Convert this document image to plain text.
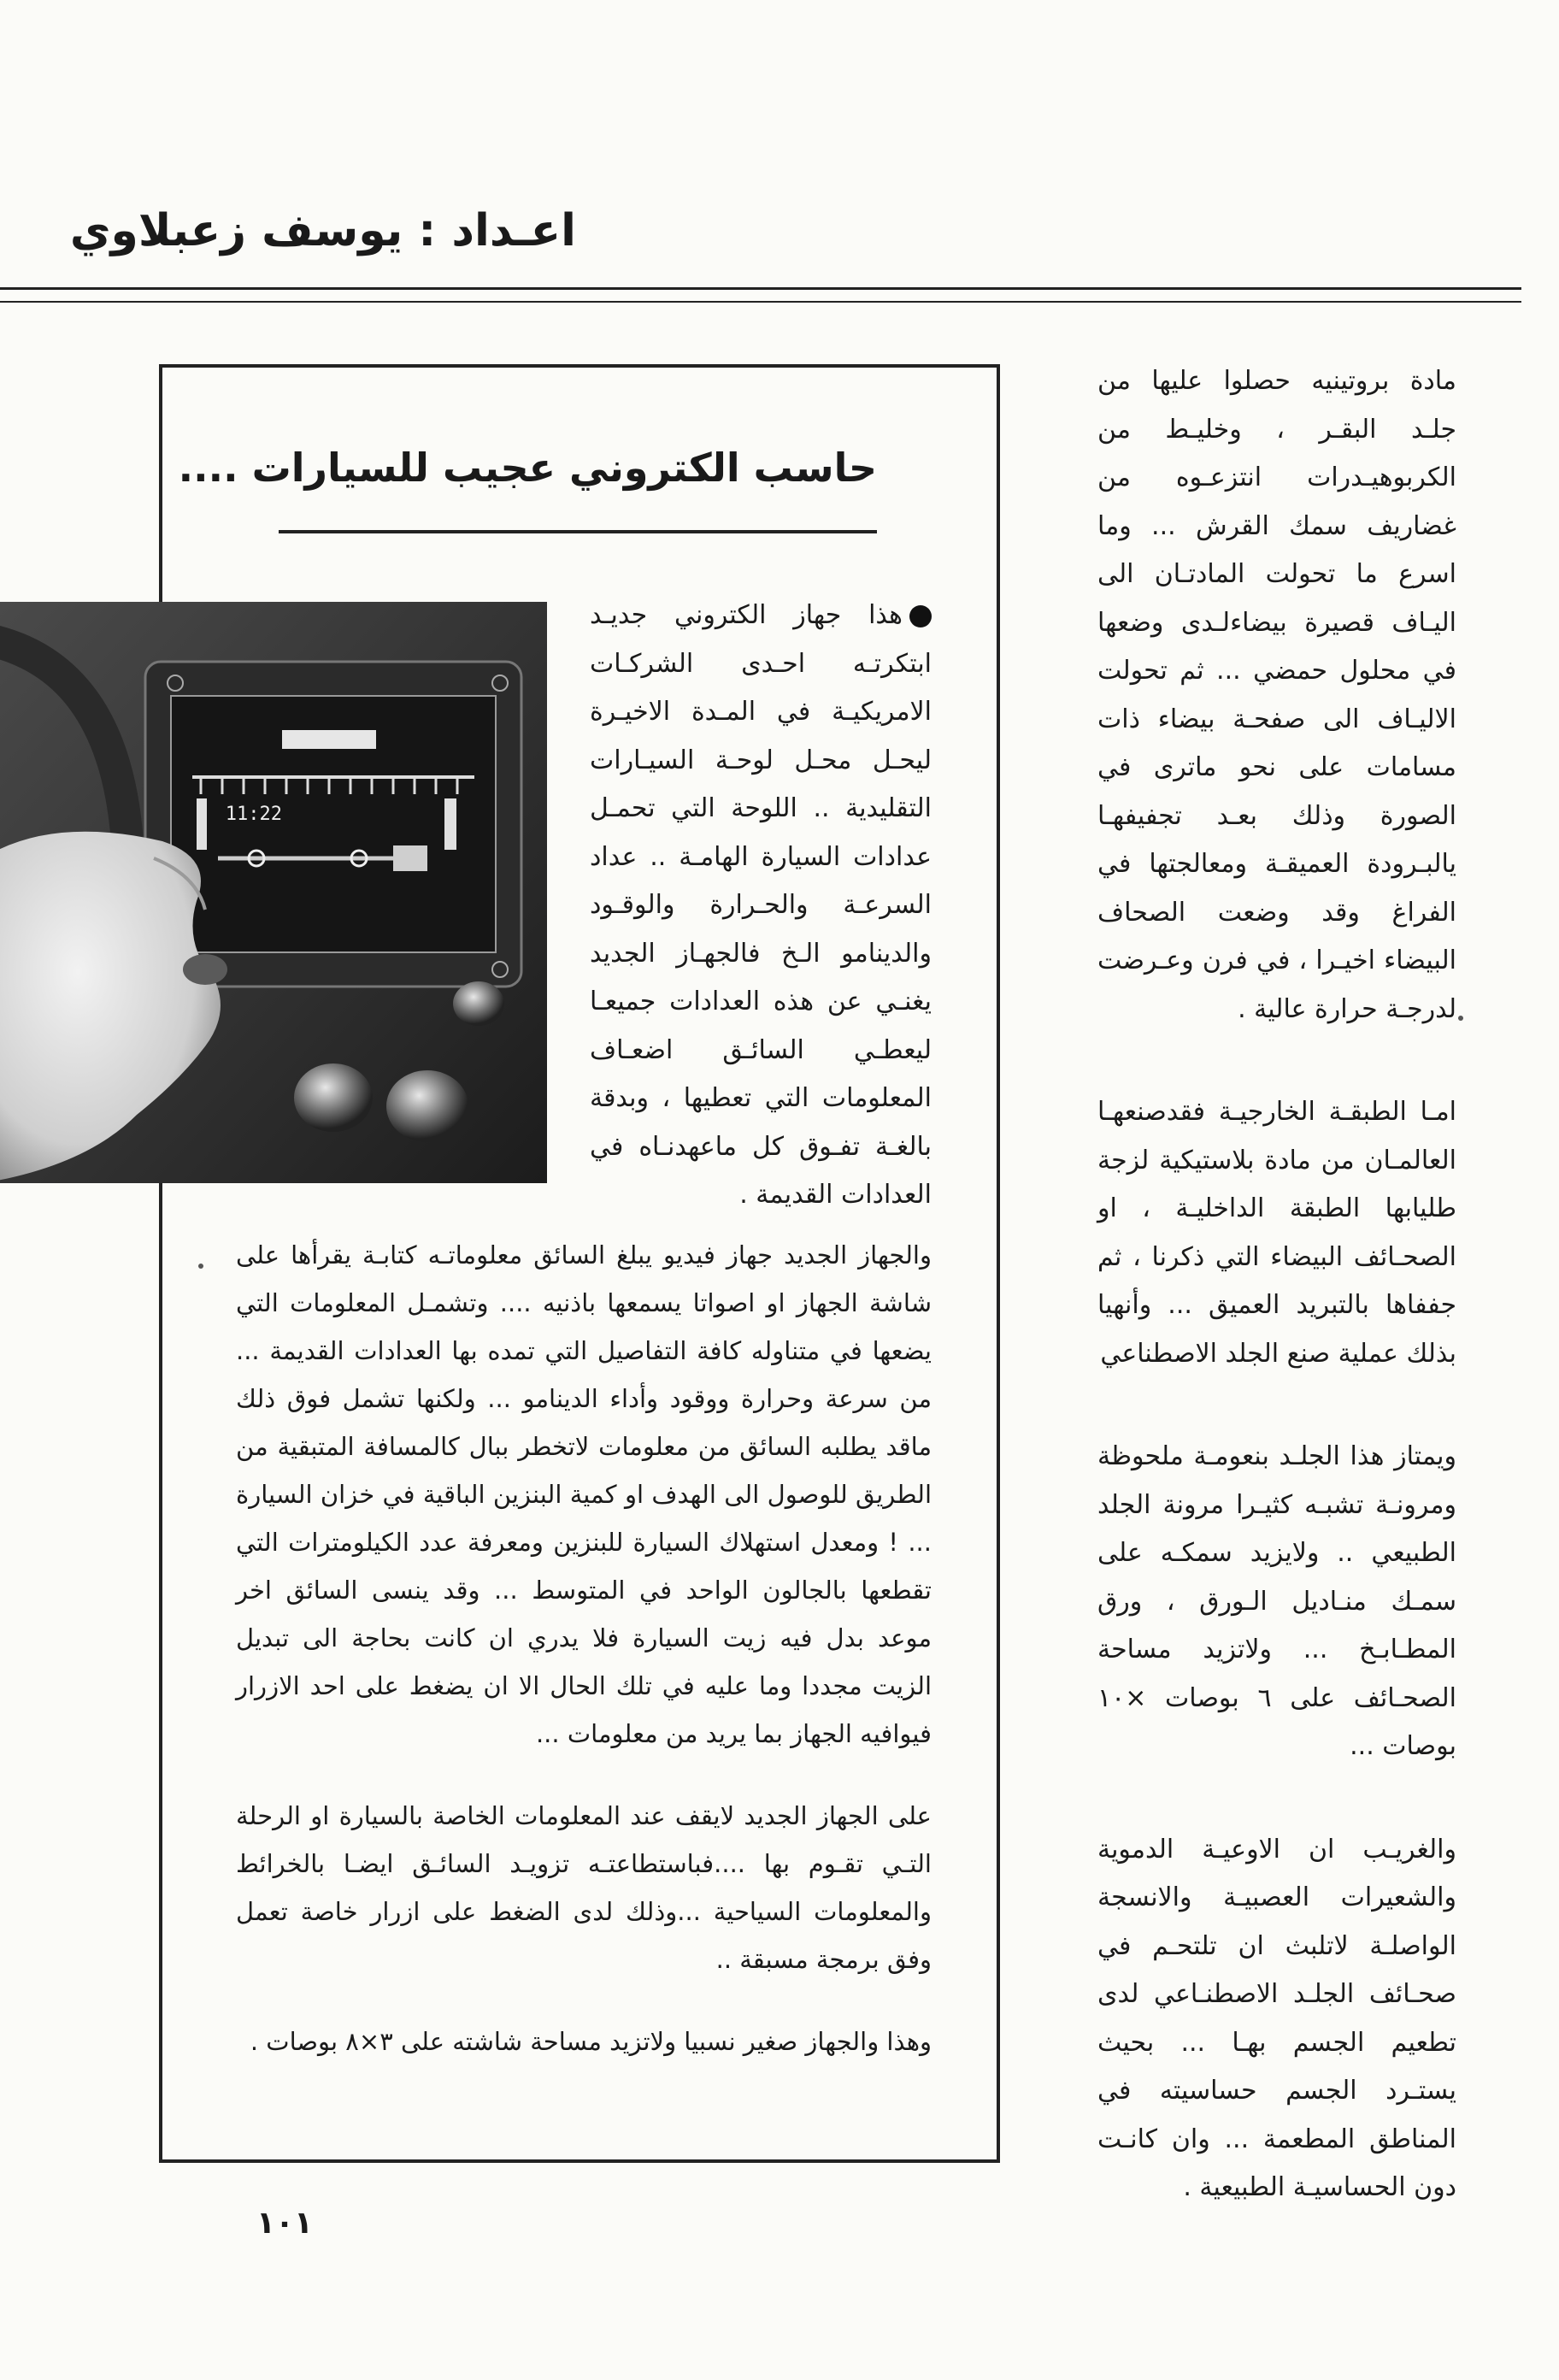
اعـداد : يوسف زعبلاوي

مادة بروتينيه حصلوا عليها من جلـد البقـر ، وخليـط من الكربوهيـدرات انتزعـوه من غضاريف سمك القرش ... وما اسرع ما تحولت المادتـان الى اليـاف قصيرة بيضاءلـدى وضعها في محلول حمضي ... ثم تحولت الاليـاف الى صفحـة بيضاء ذات مسامات على نحو ماترى في الصورة وذلك بعـد تجفيفهـا يالبـرودة العميقـة ومعالجتها في الفراغ وقد وضعت الصحاف البيضاء اخيـرا ، في فرن وعـرضت لدرجـة حرارة عالية .

امـا الطبقـة الخارجيـة فقدصنعهـا العالمـان من مادة بلاستيكية لزجة طليابها الطبقة الداخليـة ، او الصحـائف البيضاء التي ذكرنا ، ثم جففاها بالتبريد العميق ... وأنهيا بذلك عملية صنع الجلد الاصطناعي

ويمتاز هذا الجلـد بنعومـة ملحوظة ومرونـة تشبـه كثيـرا مرونة الجلد الطبيعي .. ولايزيد سمكـه على سمـك منـاديل الـورق ، ورق المطـابـخ ... ولاتزيد مساحة الصحـائف على ٦ بوصات ×١٠ بوصات ...

والغريـب ان الاوعيـة الدموية والشعيرات العصبيـة والانسجة الواصلـة لاتلبث ان تلتحـم في صحـائف الجلـد الاصطنـاعي لدى تطعيم الجسم بهـا ... بحيث يستـرد الجسم حساسيته في المناطق المطعمة ... وان كانـت دون الحساسيـة الطبيعية .

حاسب الكتروني عجيب للسيارات ....
هذا جهاز الكتروني جديـد ابتكرتـه احـدى الشركـات الامريكيـة في المـدة الاخيـرة ليحـل محـل لوحـة السيـارات التقليدية .. اللوحة التي تحمـل عدادات السيارة الهامـة .. عداد السرعـة والحـرارة والوقـود والدينامو الـخ فالجهـاز الجديد يغنـي عن هذه العدادات جميعـا ليعطـي السائـق اضعـاف المعلومات التي تعطيها ، وبدقة بالغـة تفـوق كل ماعهدنـاه في العدادات القديمة .

والجهاز الجديد جهاز فيديو يبلغ السائق معلوماتـه كتابـة يقرأها على شاشة الجهاز او اصواتا يسمعها باذنيه .... وتشمـل المعلومات التي يضعها في متناوله كافة التفاصيل التي تمده بها العدادات القديمة ... من سرعة وحرارة ووقود وأداء الدينامو ... ولكنها تشمل فوق ذلك ماقد يطلبه السائق من معلومات لاتخطر ببال كالمسافة المتبقية من الطريق للوصول الى الهدف او كمية البنزين الباقية في خزان السيارة ... ! ومعدل استهلاك السيارة للبنزين ومعرفة عدد الكيلومترات التي تقطعها بالجالون الواحد في المتوسط ... وقد ينسى السائق اخر موعد بدل فيه زيت السيارة فلا يدري ان كانت بحاجة الى تبديل الزيت مجددا وما عليه في تلك الحال الا ان يضغط على احد الازرار فيوافيه الجهاز بما يريد من معلومات ...

على الجهاز الجديد لايقف عند المعلومات الخاصة بالسيارة او الرحلة التـي تقـوم بها ....فباستطاعتـه تزويـد السائـق ايضـا بالخرائط والمعلومات السياحية ...وذلك لدى الضغط على ازرار خاصة تعمل وفق برمجة مسبقة ..

وهذا والجهاز صغير نسبيا ولاتزيد مساحة شاشته على ٣×٨ بوصات .

11:22
١٠١
